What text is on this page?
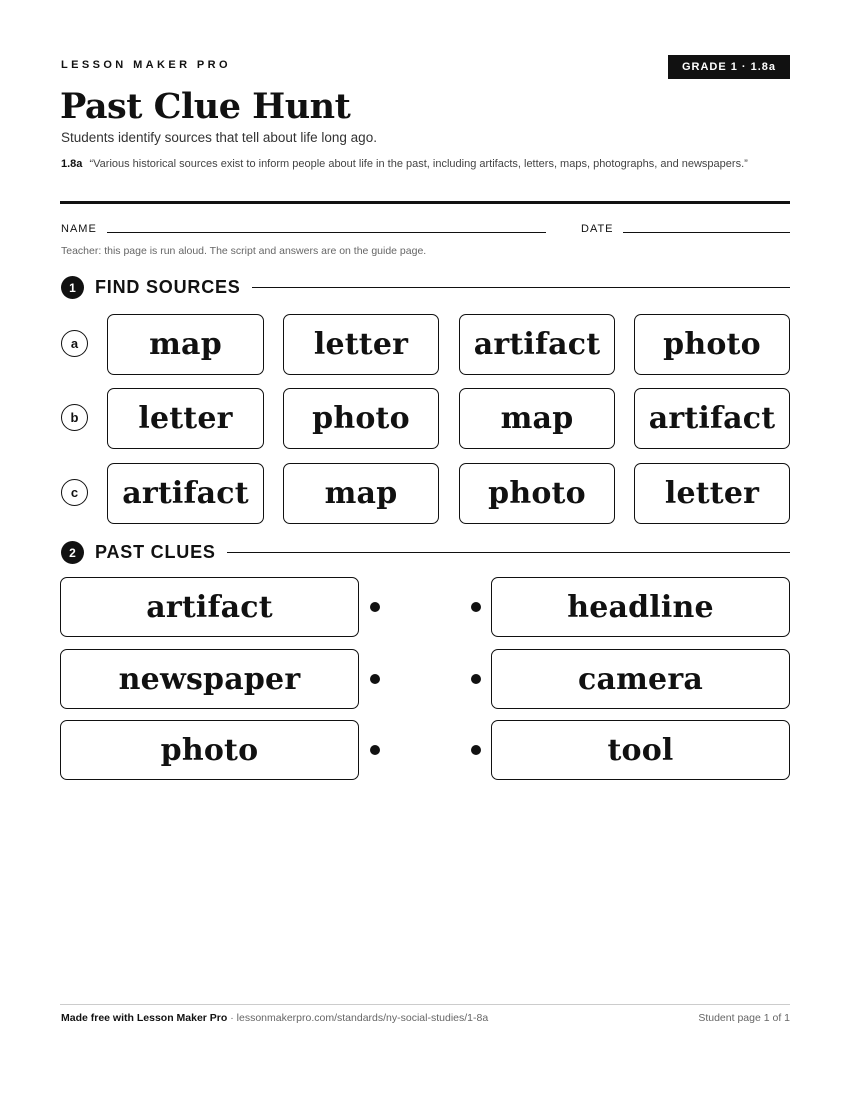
LESSON MAKER PRO	GRADE 1 · 1.8a
Past Clue Hunt
Students identify sources that tell about life long ago.
1.8a “Various historical sources exist to inform people about life in the past, including artifacts, letters, maps, photographs, and newspapers.”
NAME	DATE
Teacher: this page is run aloud. The script and answers are on the guide page.
1	FIND SOURCES
a	map	letter	artifact	photo
b	letter	photo	map	artifact
c	artifact	map	photo	letter
2	PAST CLUES
artifact	headline
newspaper	camera
photo	tool
Made free with Lesson Maker Pro · lessonmakerpro.com/standards/ny-social-studies/1-8a	Student page 1 of 1
